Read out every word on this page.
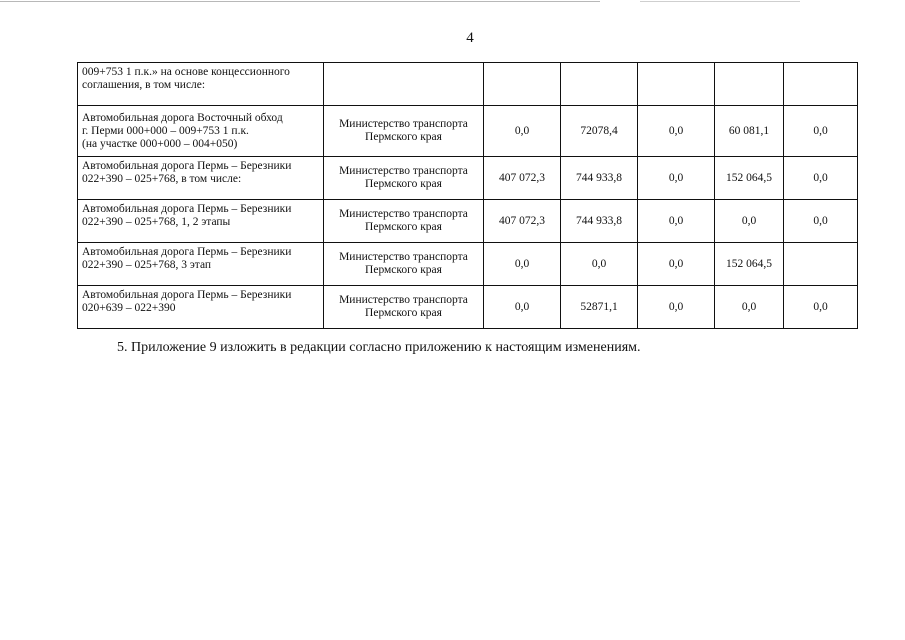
4
009+753 1 п.к.» на основе концессионного
соглашения, в том числе:						

Автомобильная дорога Восточный обход
г. Перми 000+000 – 009+753 1 п.к.
(на участке 000+000 – 004+050)	Министерство транспорта
Пермского края	0,0	72078,4	0,0	60 081,1	0,0

Автомобильная дорога Пермь – Березники
022+390 – 025+768, в том числе:	Министерство транспорта
Пермского края	407 072,3	744 933,8	0,0	152 064,5	0,0

Автомобильная дорога Пермь – Березники
022+390 – 025+768, 1, 2 этапы	Министерство транспорта
Пермского края	407 072,3	744 933,8	0,0	0,0	0,0

Автомобильная дорога Пермь – Березники
022+390 – 025+768, 3 этап	Министерство транспорта
Пермского края	0,0	0,0	0,0	152 064,5	

Автомобильная дорога Пермь – Березники
020+639 – 022+390	Министерство транспорта
Пермского края	0,0	52871,1	0,0	0,0	0,0
5. Приложение 9 изложить в редакции согласно приложению к настоящим изменениям.
